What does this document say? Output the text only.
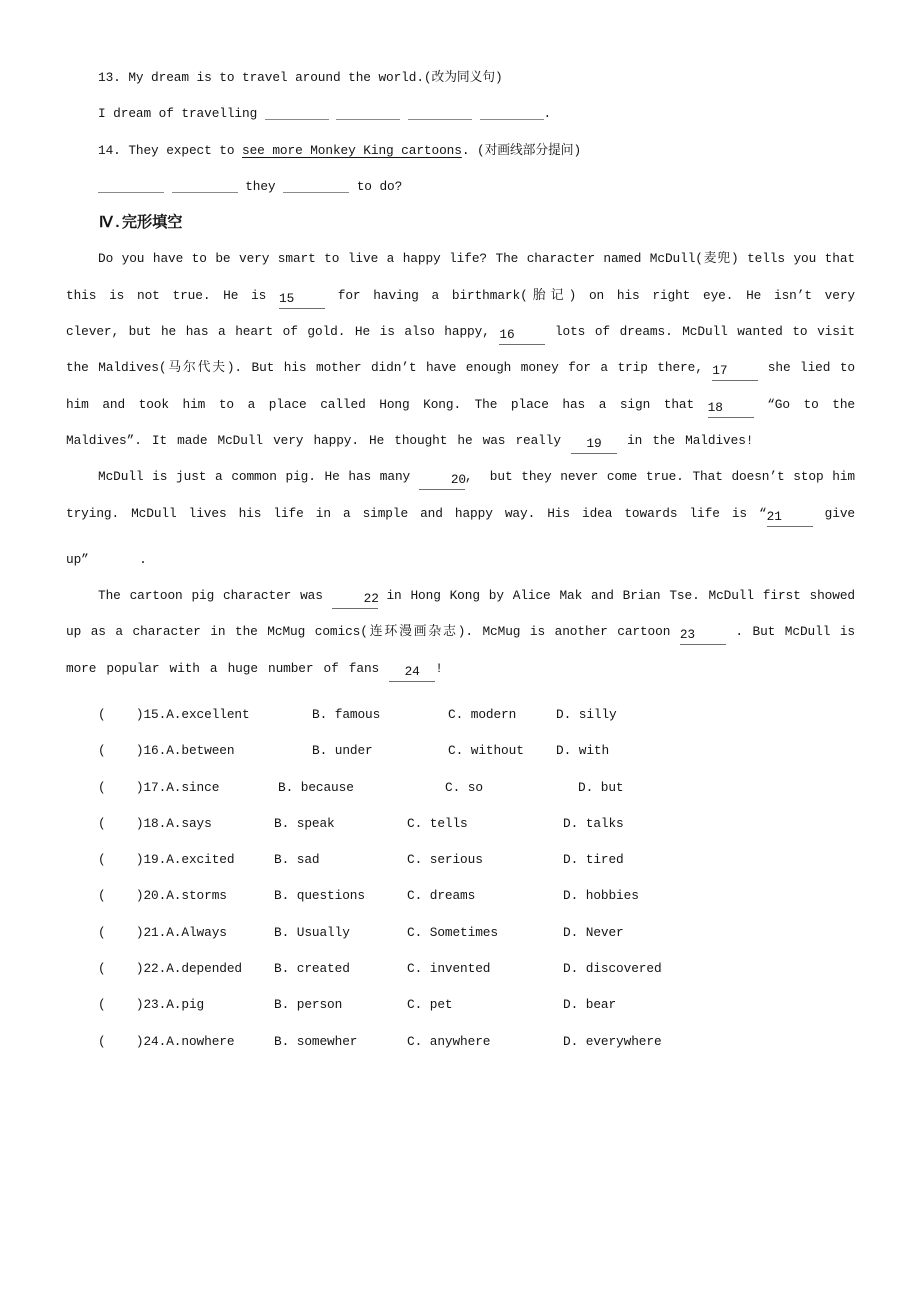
13. My dream is to travel around the world.(改为同义句)
I dream of travelling	.
14. They expect to see more Monkey King cartoons. (对画线部分提问)
they	to do?
Ⅳ.完形填空
Do you have to be very smart to live a happy life? The character named McDull(麦兜) tells you that
this is not true. He is 15 for having a birthmark(胎记) on his right eye. He isn’t very
clever, but he has a heart of gold. He is also happy, 16 lots of dreams. McDull wanted to visit
the Maldives(马尔代夫). But his mother didn’t have enough money for a trip there, 17 she lied to
him and took him to a place called Hong Kong. The place has a sign that 18 “Go to the
Maldives”. It made McDull very happy. He thought he was really 19 in the Maldives!
McDull is just a common pig. He has many	20,  but they never come true. That doesn’t stop him
trying. McDull lives his life in a simple and happy way. His idea towards life is “21 give
up”     .
The cartoon pig character was	22 in Hong Kong by Alice Mak and Brian Tse. McDull first showed
up as a character in the McMug comics(连环漫画杂志). McMug is another cartoon 23 . But McDull is
more popular with a huge number of fans 24 !
(    )15.A.excellent	B. famous	C. modern	D. silly
(    )16.A.between	B. under	C. without	D. with
(    )17.A.since	B. because	C. so	D. but
(    )18.A.says	B. speak	C. tells	D. talks
(    )19.A.excited	B. sad	C. serious	D. tired
(    )20.A.storms	B. questions	C. dreams	D. hobbies
(    )21.A.Always	B. Usually	C. Sometimes	D. Never
(    )22.A.depended B. created	C. invented	D. discovered
(    )23.A.pig	B. person	C. pet	D. bear
(    )24.A.nowhere	B. somewher	C. anywhere	D. everywhere
